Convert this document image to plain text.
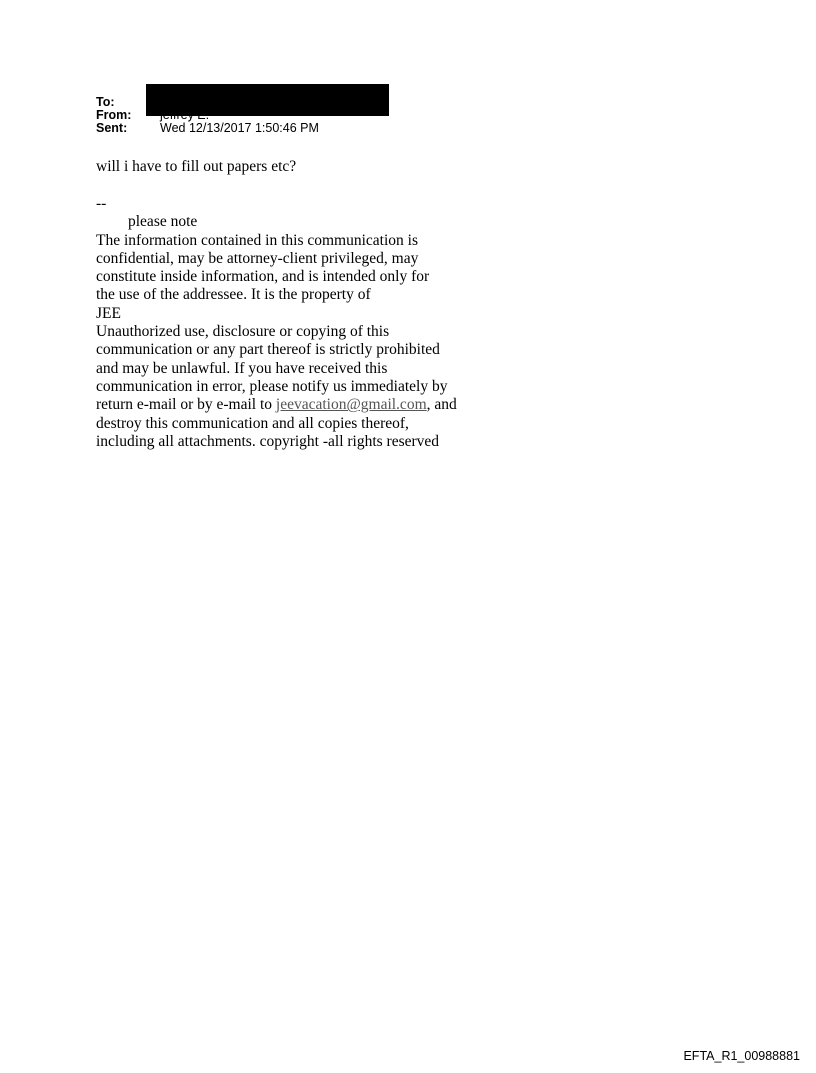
To:
From:
Sent:	Wed 12/13/2017 1:50:46 PM
will i have to fill out papers etc?
--
please note
The information contained in this communication is
confidential, may be attorney-client privileged, may
constitute inside information, and is intended only for
the use of the addressee. It is the property of
JEE
Unauthorized use, disclosure or copying of this
communication or any part thereof is strictly prohibited
and may be unlawful. If you have received this
communication in error, please notify us immediately by
return e-mail or by e-mail to jeevacation@gmail.com, and
destroy this communication and all copies thereof,
including all attachments. copyright -all rights reserved
EFTA_R1_00988881
